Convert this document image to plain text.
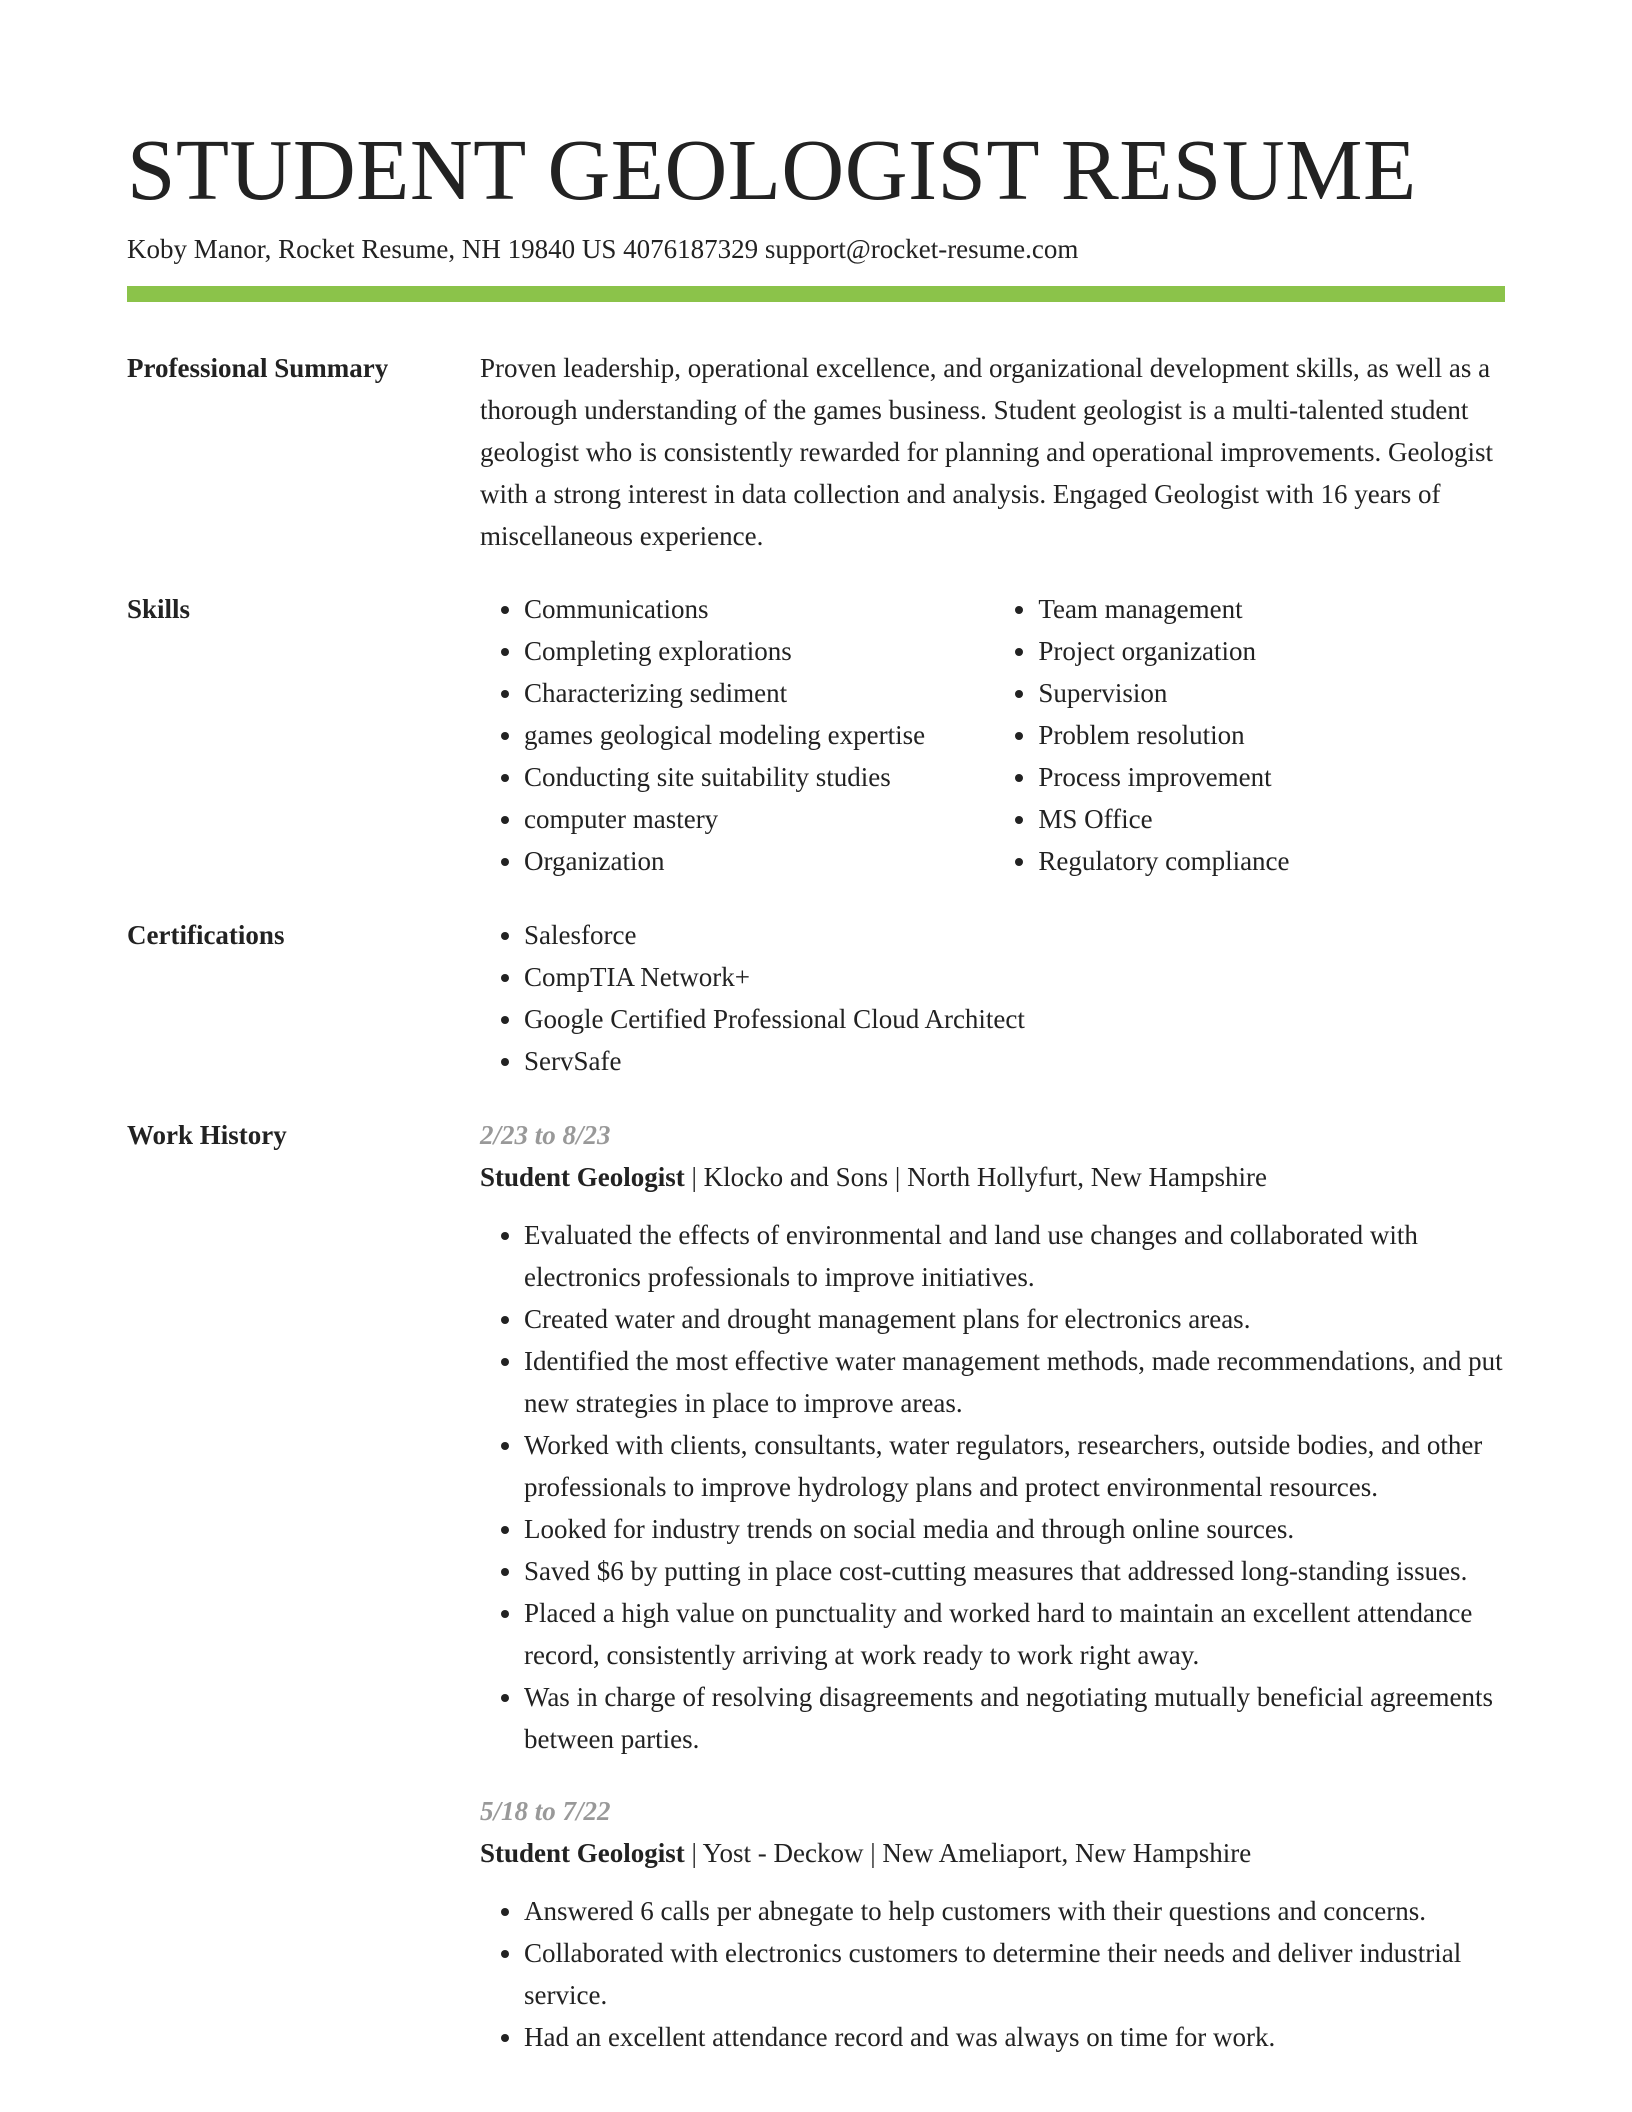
STUDENT GEOLOGIST RESUME
Koby Manor, Rocket Resume, NH 19840 US 4076187329 support@rocket-resume.com
Professional Summary	Proven leadership, operational excellence, and organizational development skills, as well as a thorough understanding of the games business. Student geologist is a multi-talented student geologist who is consistently rewarded for planning and operational improvements. Geologist with a strong interest in data collection and analysis. Engaged Geologist with 16 years of miscellaneous experience.

Skills	• Communications
• Completing explorations
• Characterizing sediment
• games geological modeling expertise
• Conducting site suitability studies
• computer mastery
• Organization
• Team management
• Project organization
• Supervision
• Problem resolution
• Process improvement
• MS Office
• Regulatory compliance
Certifications	• Salesforce
• CompTIA Network+
• Google Certified Professional Cloud Architect
• ServSafe
Work History	2/23 to 8/23
Student Geologist | Klocko and Sons | North Hollyfurt, New Hampshire
• Evaluated the effects of environmental and land use changes and collaborated with electronics professionals to improve initiatives.
• Created water and drought management plans for electronics areas.
• Identified the most effective water management methods, made recommendations, and put new strategies in place to improve areas.
• Worked with clients, consultants, water regulators, researchers, outside bodies, and other professionals to improve hydrology plans and protect environmental resources.
• Looked for industry trends on social media and through online sources.
• Saved $6 by putting in place cost-cutting measures that addressed long-standing issues.
• Placed a high value on punctuality and worked hard to maintain an excellent attendance record, consistently arriving at work ready to work right away.
• Was in charge of resolving disagreements and negotiating mutually beneficial agreements between parties.
5/18 to 7/22
Student Geologist | Yost - Deckow | New Ameliaport, New Hampshire
• Answered 6 calls per abnegate to help customers with their questions and concerns.
• Collaborated with electronics customers to determine their needs and deliver industrial service.
• Had an excellent attendance record and was always on time for work.
